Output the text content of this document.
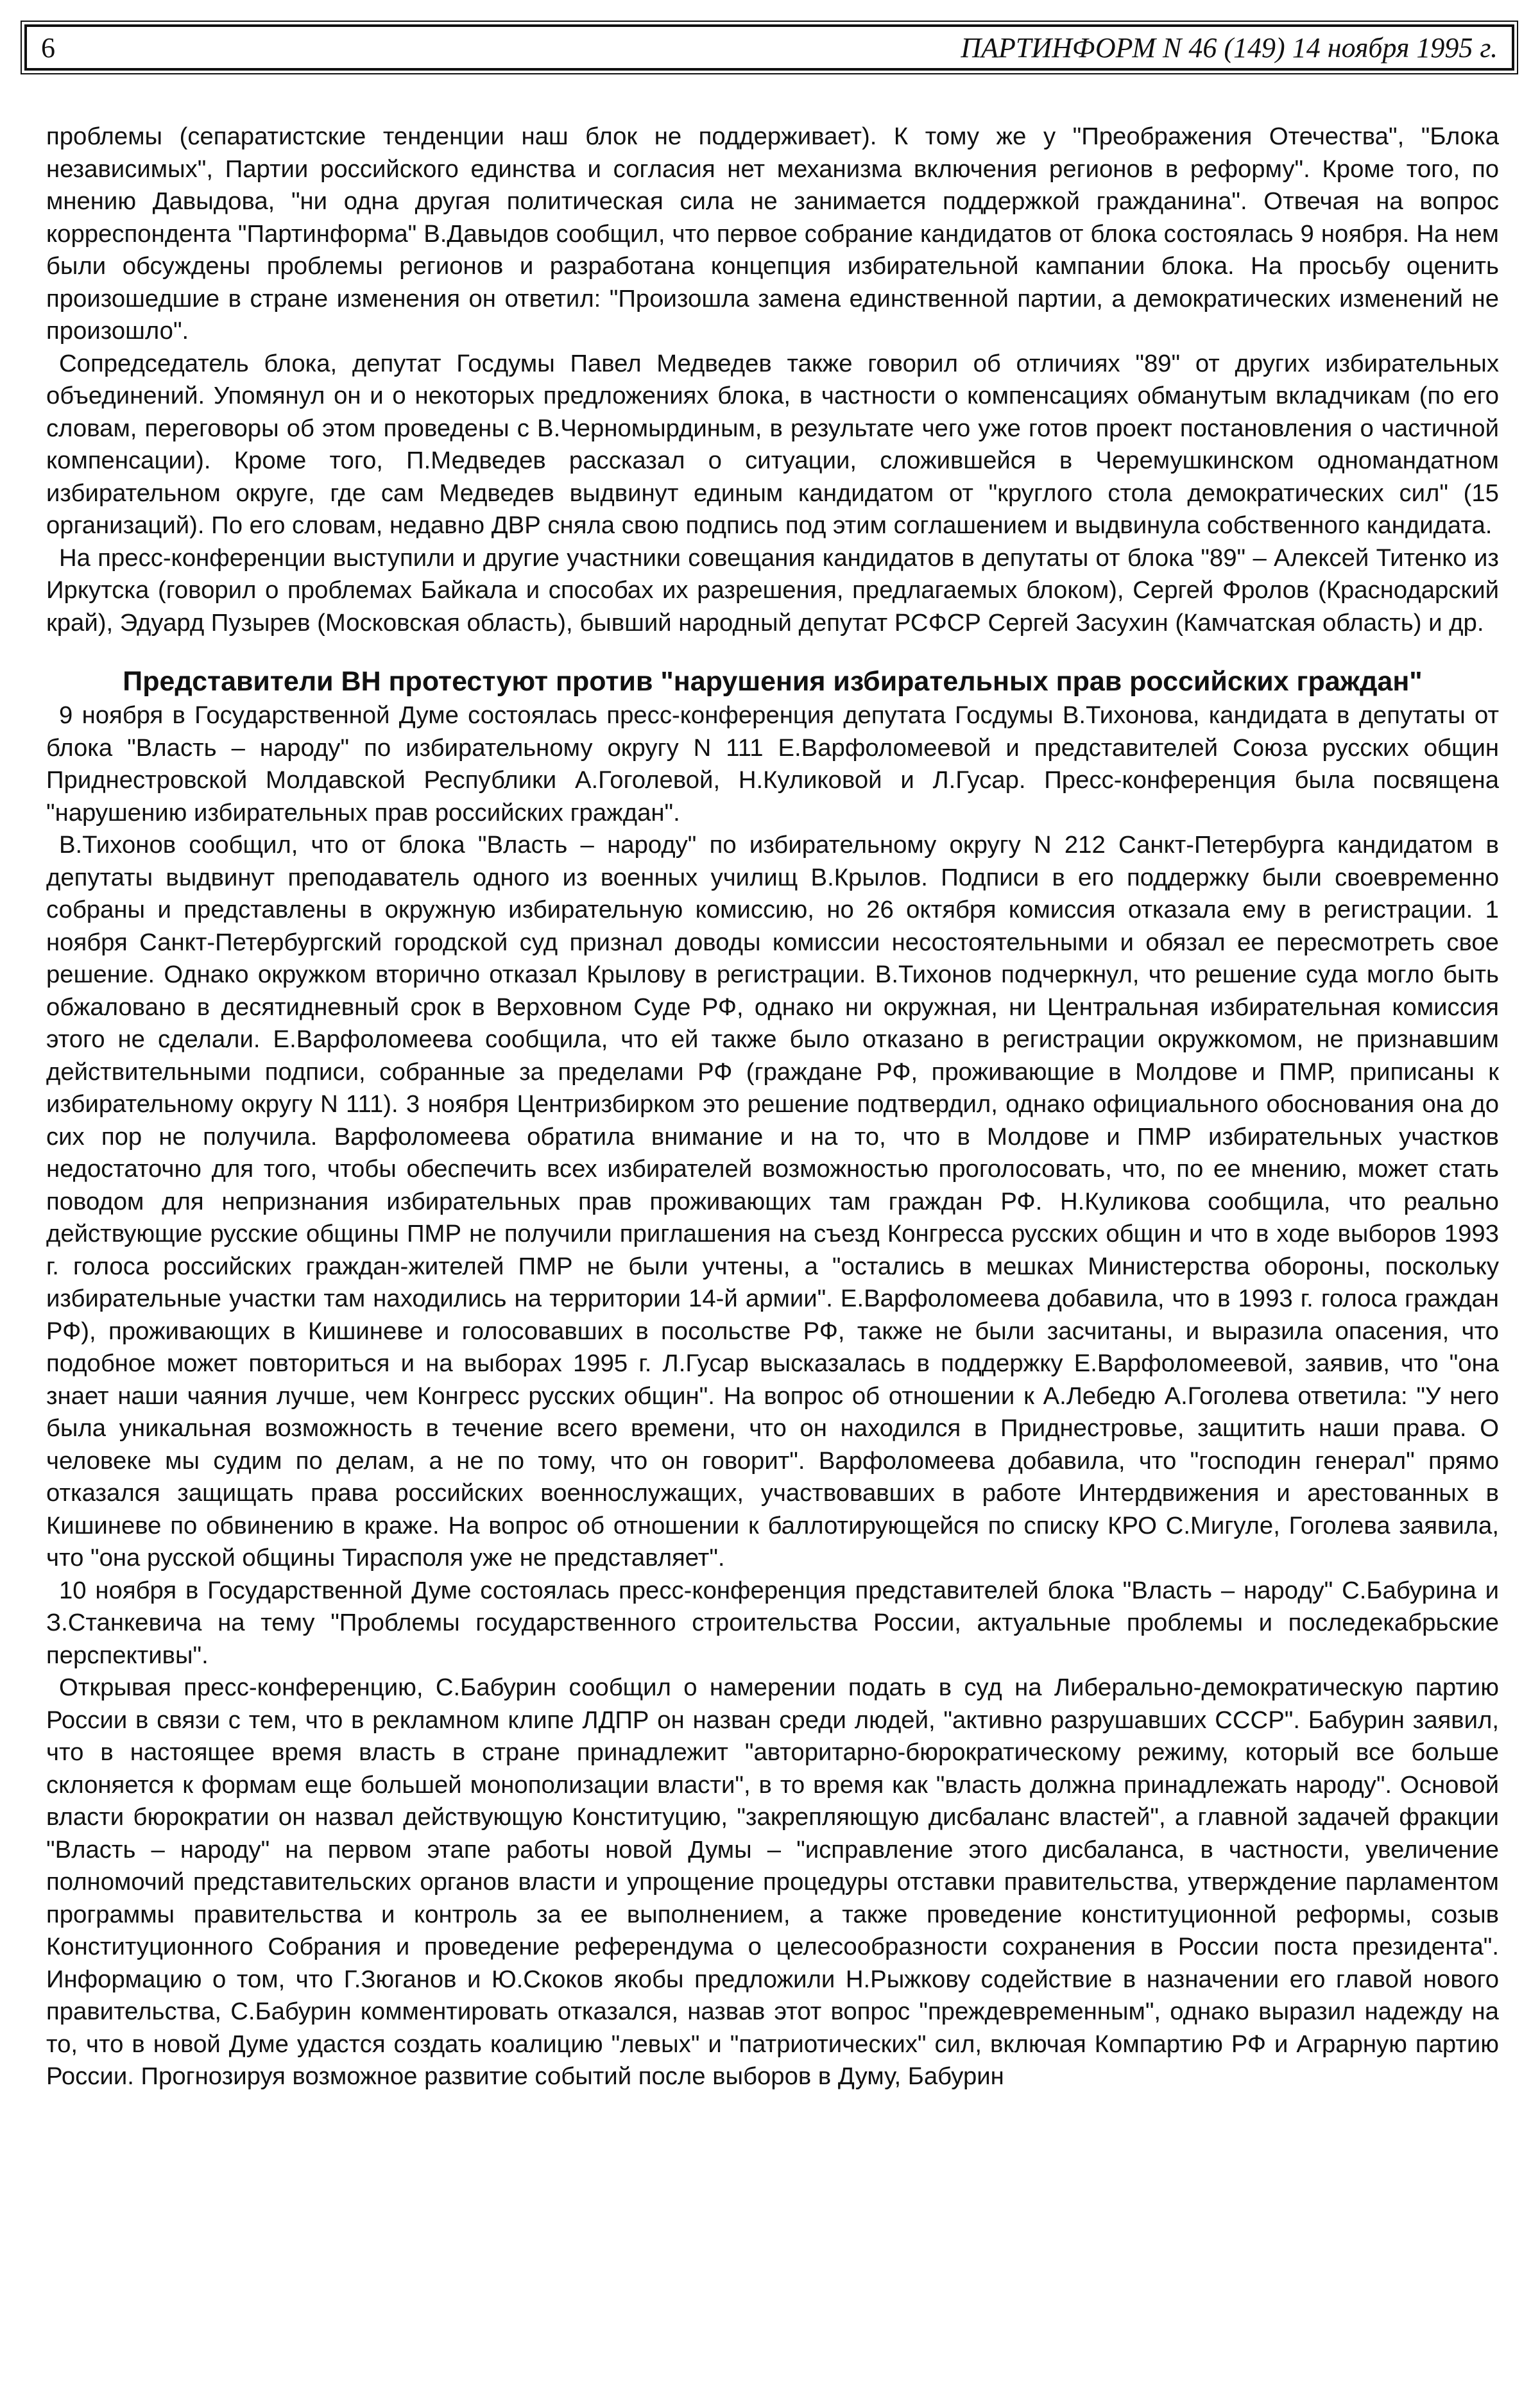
6	ПАРТИНФОРМ N 46 (149) 14 ноября 1995 г.

проблемы (сепаратистские тенденции наш блок не поддерживает). К тому же у "Преображения Отечества", "Блока независимых", Партии российского единства и согласия нет механизма включения регионов в реформу". Кроме того, по мнению Давыдова, "ни одна другая политическая сила не занимается поддержкой гражданина". Отвечая на вопрос корреспондента "Партинформа" В.Давыдов сообщил, что первое собрание кандидатов от блока состоялась 9 ноября. На нем были обсуждены проблемы регионов и разработана концепция избирательной кампании блока. На просьбу оценить произошедшие в стране изменения он ответил: "Произошла замена единственной партии, а демократических изменений не произошло".

Сопредседатель блока, депутат Госдумы Павел Медведев также говорил об отличиях "89" от других избирательных объединений. Упомянул он и о некоторых предложениях блока, в частности о компенсациях обманутым вкладчикам (по его словам, переговоры об этом проведены с В.Черномырдиным, в результате чего уже готов проект постановления о частичной компенсации). Кроме того, П.Медведев рассказал о ситуации, сложившейся в Черемушкинском одномандатном избирательном округе, где сам Медведев выдвинут единым кандидатом от "круглого стола демократических сил" (15 организаций). По его словам, недавно ДВР сняла свою подпись под этим соглашением и выдвинула собственного кандидата.

На пресс-конференции выступили и другие участники совещания кандидатов в депутаты от блока "89" – Алексей Титенко из Иркутска (говорил о проблемах Байкала и способах их разрешения, предлагаемых блоком), Сергей Фролов (Краснодарский край), Эдуард Пузырев (Московская область), бывший народный депутат РСФСР Сергей Засухин (Камчатская область) и др.

Представители ВН протестуют против "нарушения избирательных прав российских граждан"

9 ноября в Государственной Думе состоялась пресс-конференция депутата Госдумы В.Тихонова, кандидата в депутаты от блока "Власть – народу" по избирательному округу N 111 Е.Варфоломеевой и представителей Союза русских общин Приднестровской Молдавской Республики А.Гоголевой, Н.Куликовой и Л.Гусар. Пресс-конференция была посвящена "нарушению избирательных прав российских граждан".

В.Тихонов сообщил, что от блока "Власть – народу" по избирательному округу N 212 Санкт-Петербурга кандидатом в депутаты выдвинут преподаватель одного из военных училищ В.Крылов. Подписи в его поддержку были своевременно собраны и представлены в окружную избирательную комиссию, но 26 октября комиссия отказала ему в регистрации. 1 ноября Санкт-Петербургский городской суд признал доводы комиссии несостоятельными и обязал ее пересмотреть свое решение. Однако окружком вторично отказал Крылову в регистрации. В.Тихонов подчеркнул, что решение суда могло быть обжаловано в десятидневный срок в Верховном Суде РФ, однако ни окружная, ни Центральная избирательная комиссия этого не сделали. Е.Варфоломеева сообщила, что ей также было отказано в регистрации окружкомом, не признавшим действительными подписи, собранные за пределами РФ (граждане РФ, проживающие в Молдове и ПМР, приписаны к избирательному округу N 111). 3 ноября Центризбирком это решение подтвердил, однако официального обоснования она до сих пор не получила. Варфоломеева обратила внимание и на то, что в Молдове и ПМР избирательных участков недостаточно для того, чтобы обеспечить всех избирателей возможностью проголосовать, что, по ее мнению, может стать поводом для непризнания избирательных прав проживающих там граждан РФ. Н.Куликова сообщила, что реально действующие русские общины ПМР не получили приглашения на съезд Конгресса русских общин и что в ходе выборов 1993 г. голоса российских граждан-жителей ПМР не были учтены, а "остались в мешках Министерства обороны, поскольку избирательные участки там находились на территории 14-й армии". Е.Варфоломеева добавила, что в 1993 г. голоса граждан РФ), проживающих в Кишиневе и голосовавших в посольстве РФ, также не были засчитаны, и выразила опасения, что подобное может повториться и на выборах 1995 г. Л.Гусар высказалась в поддержку Е.Варфоломеевой, заявив, что "она знает наши чаяния лучше, чем Конгресс русских общин". На вопрос об отношении к А.Лебедю А.Гоголева ответила: "У него была уникальная возможность в течение всего времени, что он находился в Приднестровье, защитить наши права. О человеке мы судим по делам, а не по тому, что он говорит". Варфоломеева добавила, что "господин генерал" прямо отказался защищать права российских военнослужащих, участвовавших в работе Интердвижения и арестованных в Кишиневе по обвинению в краже. На вопрос об отношении к баллотирующейся по списку КРО С.Мигуле, Гоголева заявила, что "она русской общины Тирасполя уже не представляет".

10 ноября в Государственной Думе состоялась пресс-конференция представителей блока "Власть – народу" С.Бабурина и З.Станкевича на тему "Проблемы государственного строительства России, актуальные проблемы и последекабрьские перспективы".

Открывая пресс-конференцию, С.Бабурин сообщил о намерении подать в суд на Либерально-демократическую партию России в связи с тем, что в рекламном клипе ЛДПР он назван среди людей, "активно разрушавших СССР". Бабурин заявил, что в настоящее время власть в стране принадлежит "авторитарно-бюрократическому режиму, который все больше склоняется к формам еще большей монополизации власти", в то время как "власть должна принадлежать народу". Основой власти бюрократии он назвал действующую Конституцию, "закрепляющую дисбаланс властей", а главной задачей фракции "Власть – народу" на первом этапе работы новой Думы – "исправление этого дисбаланса, в частности, увеличение полномочий представительских органов власти и упрощение процедуры отставки правительства, утверждение парламентом программы правительства и контроль за ее выполнением, а также проведение конституционной реформы, созыв Конституционного Собрания и проведение референдума о целесообразности сохранения в России поста президента". Информацию о том, что Г.Зюганов и Ю.Скоков якобы предложили Н.Рыжкову содействие в назначении его главой нового правительства, С.Бабурин комментировать отказался, назвав этот вопрос "преждевременным", однако выразил надежду на то, что в новой Думе удастся создать коалицию "левых" и "патриотических" сил, включая Компартию РФ и Аграрную партию России. Прогнозируя возможное развитие событий после выборов в Думу, Бабурин
